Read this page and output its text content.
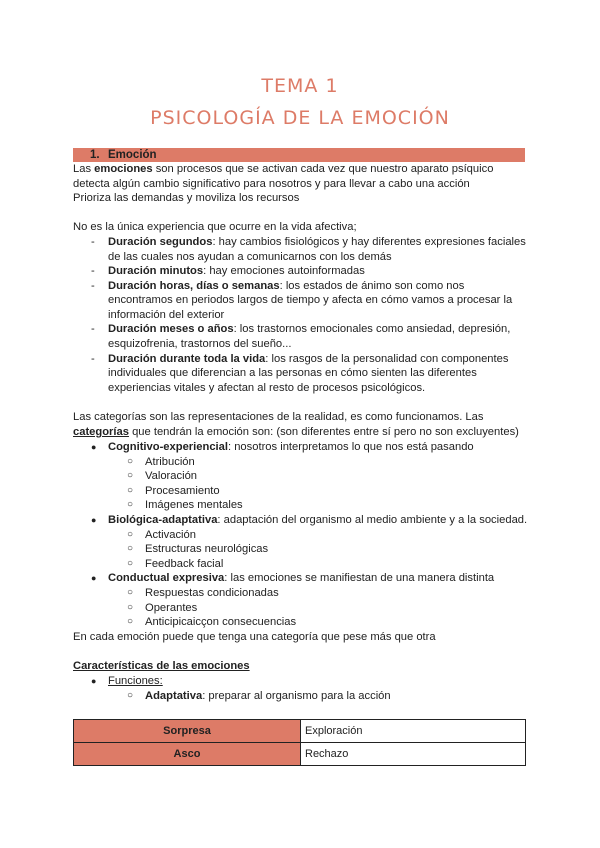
TEMA 1
PSICOLOGÍA DE LA EMOCIÓN
1. Emoción
Las emociones son procesos que se activan cada vez que nuestro aparato psíquico
detecta algún cambio significativo para nosotros y para llevar a cabo una acción
Prioriza las demandas y moviliza los recursos
No es la única experiencia que ocurre en la vida afectiva;
- Duración segundos: hay cambios fisiológicos y hay diferentes expresiones faciales
de las cuales nos ayudan a comunicarnos con los demás
- Duración minutos: hay emociones autoinformadas
- Duración horas, días o semanas: los estados de ánimo son como nos
encontramos en periodos largos de tiempo y afecta en cómo vamos a procesar la
información del exterior
- Duración meses o años: los trastornos emocionales como ansiedad, depresión,
esquizofrenia, trastornos del sueño...
- Duración durante toda la vida: los rasgos de la personalidad con componentes
individuales que diferencian a las personas en cómo sienten las diferentes
experiencias vitales y afectan al resto de procesos psicológicos.
Las categorías son las representaciones de la realidad, es como funcionamos. Las
categorías que tendrán la emoción son: (son diferentes entre sí pero no son excluyentes)
● Cognitivo-experiencial: nosotros interpretamos lo que nos está pasando
○ Atribución
○ Valoración
○ Procesamiento
○ Imágenes mentales
● Biológica-adaptativa: adaptación del organismo al medio ambiente y a la sociedad.
○ Activación
○ Estructuras neurológicas
○ Feedback facial
● Conductual expresiva: las emociones se manifiestan de una manera distinta
○ Respuestas condicionadas
○ Operantes
○ Anticipicaicçon consecuencias
En cada emoción puede que tenga una categoría que pese más que otra
Características de las emociones
● Funciones:
○ Adaptativa: preparar al organismo para la acción
Sorpresa	Exploración
Asco	Rechazo
